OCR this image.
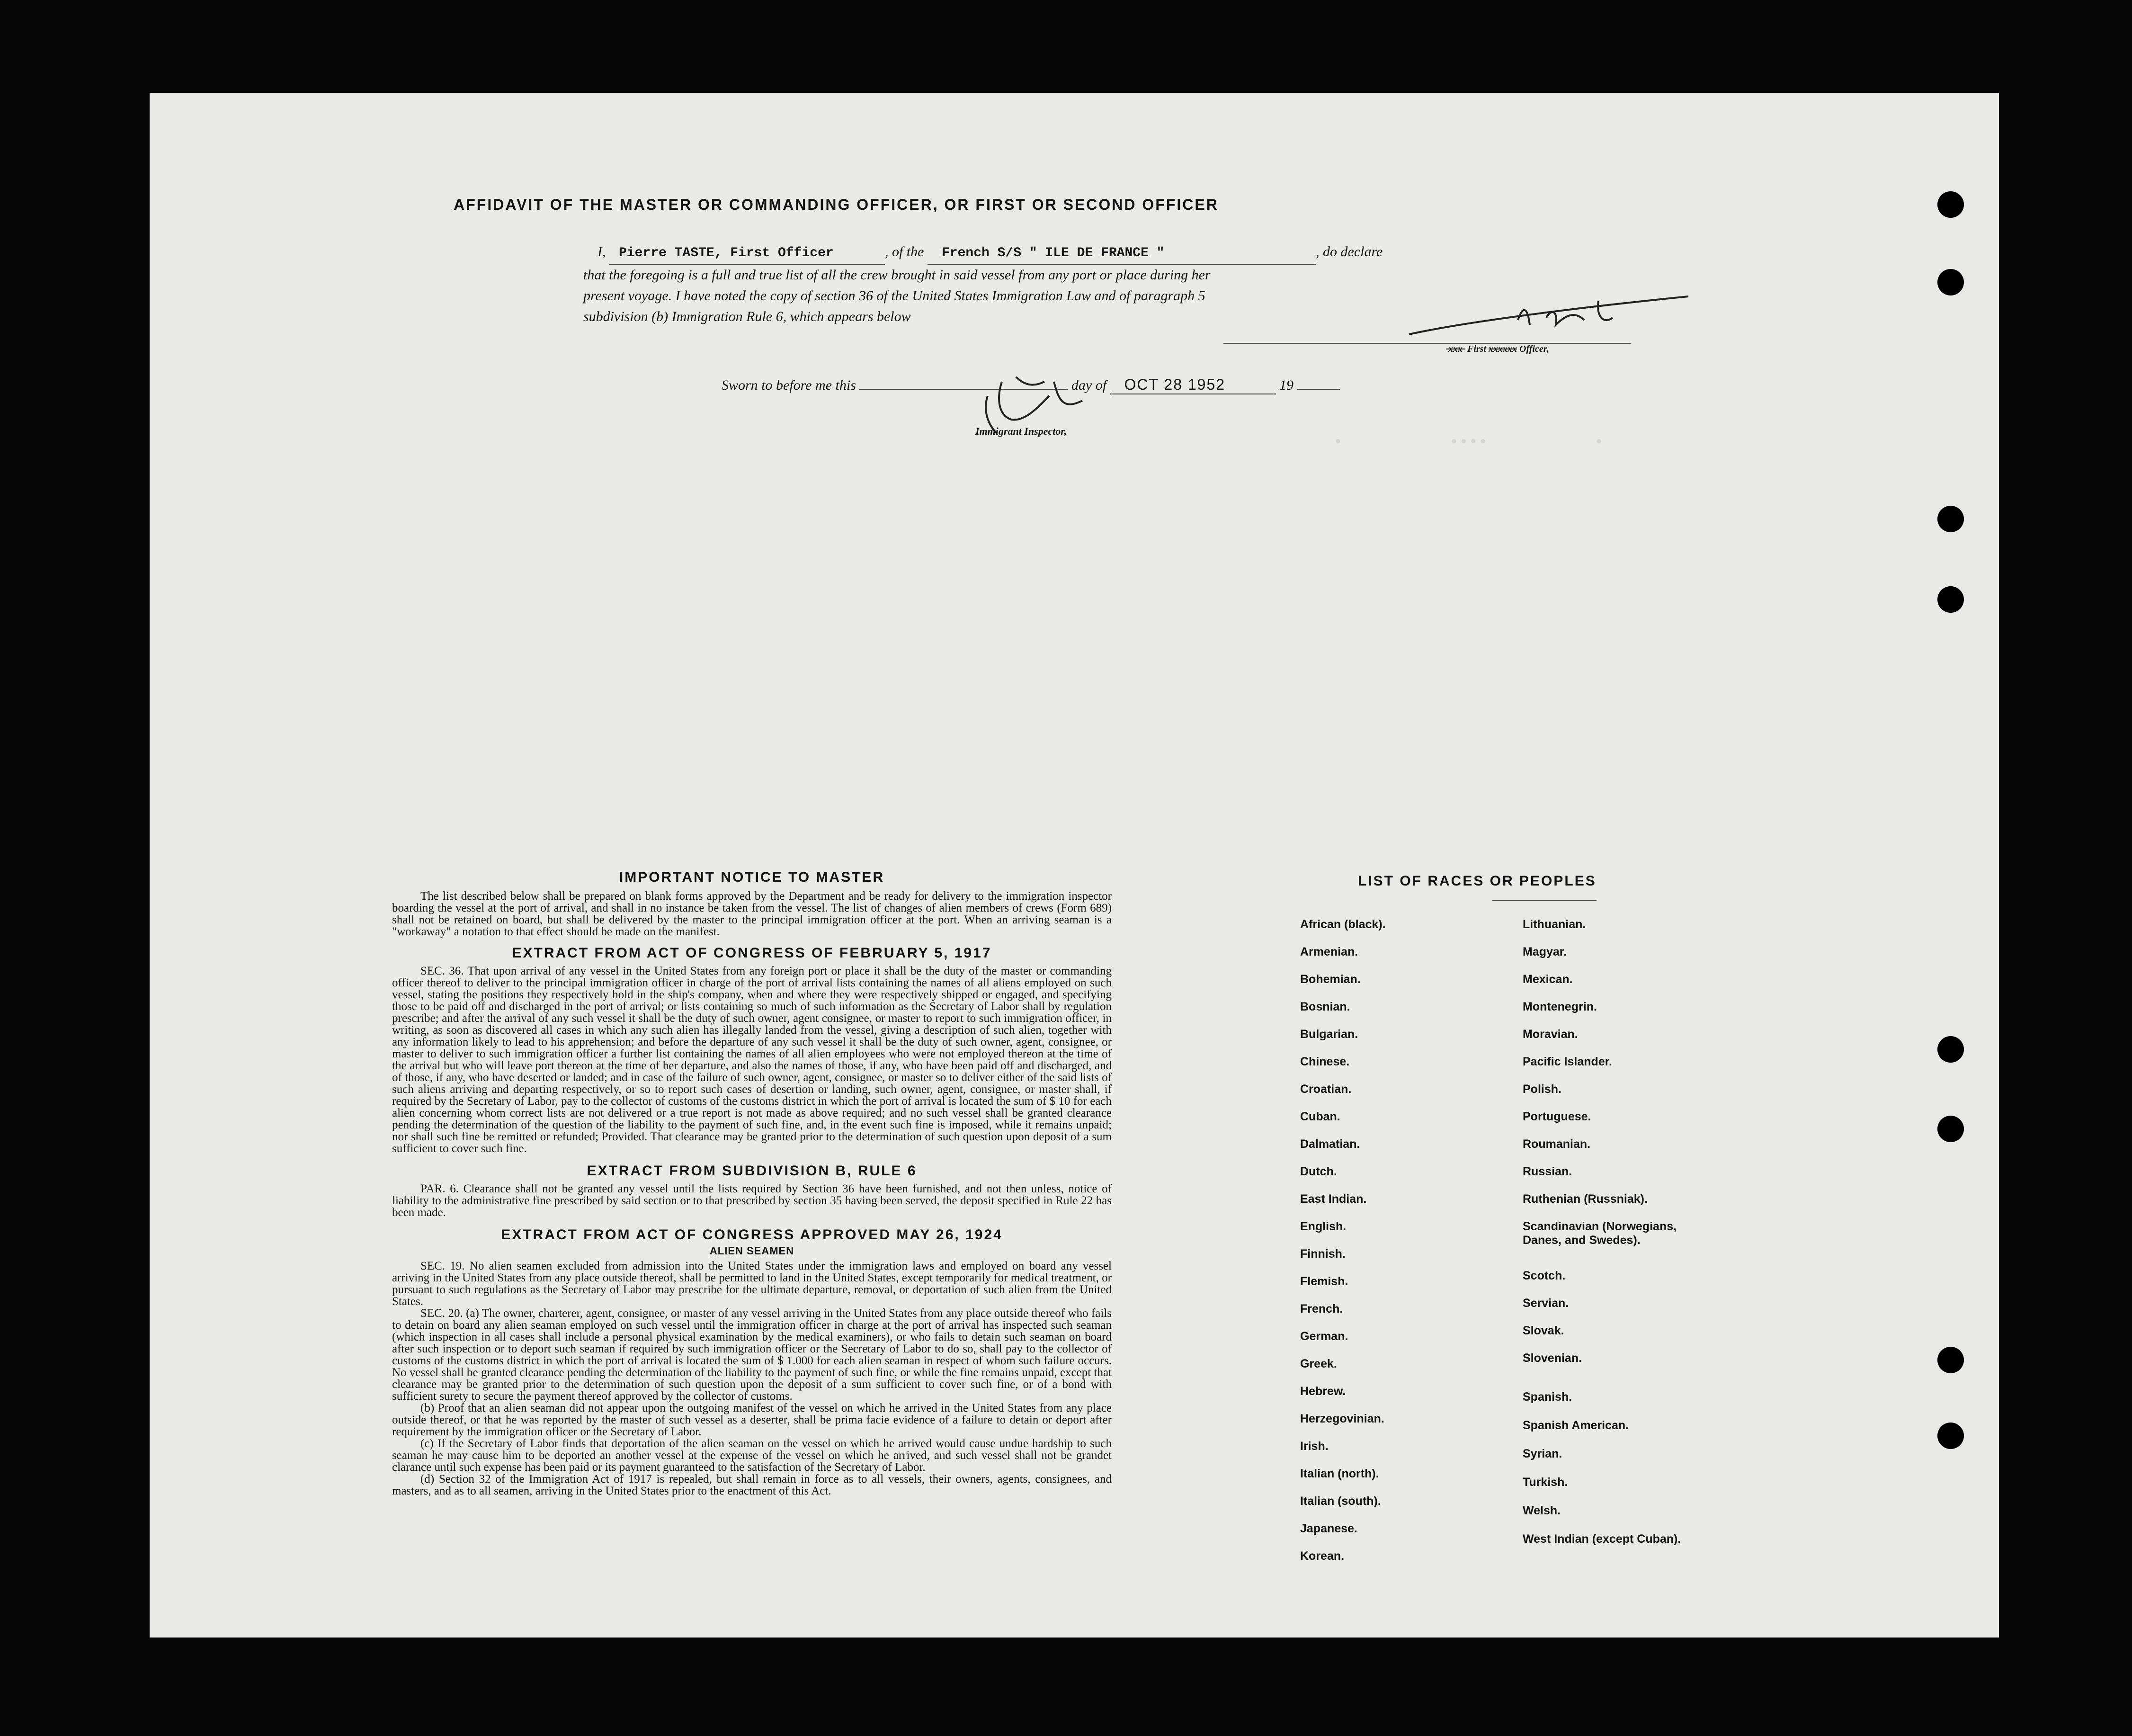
•           ••••           •
AFFIDAVIT OF THE MASTER OR COMMANDING OFFICER, OR FIRST OR SECOND OFFICER
I, Pierre TASTE, First Officer	, of the French S/S " ILE DE FRANCE "	, do declare
that the foregoing is a full and true list of all the crew brought in said vessel from any port or place during her
present voyage. I have noted the copy of section 36 of the United States Immigration Law and of paragraph 5
subdivision (b) Immigration Rule 6, which appears below
xxx  First xxxxxx Officer,
Sworn to before me this	day of OCT 28 1952	19
Immigrant Inspector,
IMPORTANT NOTICE TO MASTER
The list described below shall be prepared on blank forms approved by the Department and be ready for delivery to the immigration inspector boarding the vessel at the port of arrival, and shall in no instance be taken from the vessel. The list of changes of alien members of crews (Form 689) shall not be retained on board, but shall be delivered by the master to the principal immigration officer at the port. When an arriving seaman is a "workaway" a notation to that effect should be made on the manifest.
EXTRACT FROM ACT OF CONGRESS OF FEBRUARY 5, 1917
SEC. 36. That upon arrival of any vessel in the United States from any foreign port or place it shall be the duty of the master or commanding officer thereof to deliver to the principal immigration officer in charge of the port of arrival lists containing the names of all aliens employed on such vessel, stating the positions they respectively hold in the ship's company, when and where they were respectively shipped or engaged, and specifying those to be paid off and discharged in the port of arrival; or lists containing so much of such information as the Secretary of Labor shall by regulation prescribe; and after the arrival of any such vessel it shall be the duty of such owner, agent consignee, or master to report to such immigration officer, in writing, as soon as discovered all cases in which any such alien has illegally landed from the vessel, giving a description of such alien, together with any information likely to lead to his apprehension; and before the departure of any such vessel it shall be the duty of such owner, agent, consignee, or master to deliver to such immigration officer a further list containing the names of all alien employees who were not employed thereon at the time of the arrival but who will leave port thereon at the time of her departure, and also the names of those, if any, who have been paid off and discharged, and of those, if any, who have deserted or landed; and in case of the failure of such owner, agent, consignee, or master so to deliver either of the said lists of such aliens arriving and departing respectively, or so to report such cases of desertion or landing, such owner, agent, consignee, or master shall, if required by the Secretary of Labor, pay to the collector of customs of the customs district in which the port of arrival is located the sum of $ 10 for each alien concerning whom correct lists are not delivered or a true report is not made as above required; and no such vessel shall be granted clearance pending the determination of the question of the liability to the payment of such fine, and, in the event such fine is imposed, while it remains unpaid; nor shall such fine be remitted or refunded; Provided. That clearance may be granted prior to the determination of such question upon deposit of a sum sufficient to cover such fine.
EXTRACT FROM SUBDIVISION B, RULE 6
PAR. 6. Clearance shall not be granted any vessel until the lists required by Section 36 have been furnished, and not then unless, notice of liability to the administrative fine prescribed by said section or to that prescribed by section 35 having been served, the deposit specified in Rule 22 has been made.
EXTRACT FROM ACT OF CONGRESS APPROVED MAY 26, 1924
ALIEN SEAMEN
SEC. 19. No alien seamen excluded from admission into the United States under the immigration laws and employed on board any vessel arriving in the United States from any place outside thereof, shall be permitted to land in the United States, except temporarily for medical treatment, or pursuant to such regulations as the Secretary of Labor may prescribe for the ultimate departure, removal, or deportation of such alien from the United States.
SEC. 20. (a) The owner, charterer, agent, consignee, or master of any vessel arriving in the United States from any place outside thereof who fails to detain on board any alien seaman employed on such vessel until the immigration officer in charge at the port of arrival has inspected such seaman (which inspection in all cases shall include a personal physical examination by the medical examiners), or who fails to detain such seaman on board after such inspection or to deport such seaman if required by such immigration officer or the Secretary of Labor to do so, shall pay to the collector of customs of the customs district in which the port of arrival is located the sum of $ 1.000 for each alien seaman in respect of whom such failure occurs. No vessel shall be granted clearance pending the determination of the liability to the payment of such fine, or while the fine remains unpaid, except that clearance may be granted prior to the determination of such question upon the deposit of a sum sufficient to cover such fine, or of a bond with sufficient surety to secure the payment thereof approved by the collector of customs.
(b) Proof that an alien seaman did not appear upon the outgoing manifest of the vessel on which he arrived in the United States from any place outside thereof, or that he was reported by the master of such vessel as a deserter, shall be prima facie evidence of a failure to detain or deport after requirement by the immigration officer or the Secretary of Labor.
(c) If the Secretary of Labor finds that deportation of the alien seaman on the vessel on which he arrived would cause undue hardship to such seaman he may cause him to be deported an another vessel at the expense of the vessel on which he arrived, and such vessel shall not be grandet clarance until such expense has been paid or its payment guaranteed to the satisfaction of the Secretary of Labor.
(d) Section 32 of the Immigration Act of 1917 is repealed, but shall remain in force as to all vessels, their owners, agents, consignees, and masters, and as to all seamen, arriving in the United States prior to the enactment of this Act.
LIST OF RACES OR PEOPLES
African (black).
Armenian.
Bohemian.
Bosnian.
Bulgarian.
Chinese.
Croatian.
Cuban.
Dalmatian.
Dutch.
East Indian.
English.
Finnish.
Flemish.
French.
German.
Greek.
Hebrew.
Herzegovinian.
Irish.
Italian (north).
Italian (south).
Japanese.
Korean.
Lithuanian.
Magyar.
Mexican.
Montenegrin.
Moravian.
Pacific Islander.
Polish.
Portuguese.
Roumanian.
Russian.
Ruthenian (Russniak).
Scandinavian (Norwegians, Danes, and Swedes).
Scotch.
Servian.
Slovak.
Slovenian.
Spanish.
Spanish American.
Syrian.
Turkish.
Welsh.
West Indian (except Cuban).
